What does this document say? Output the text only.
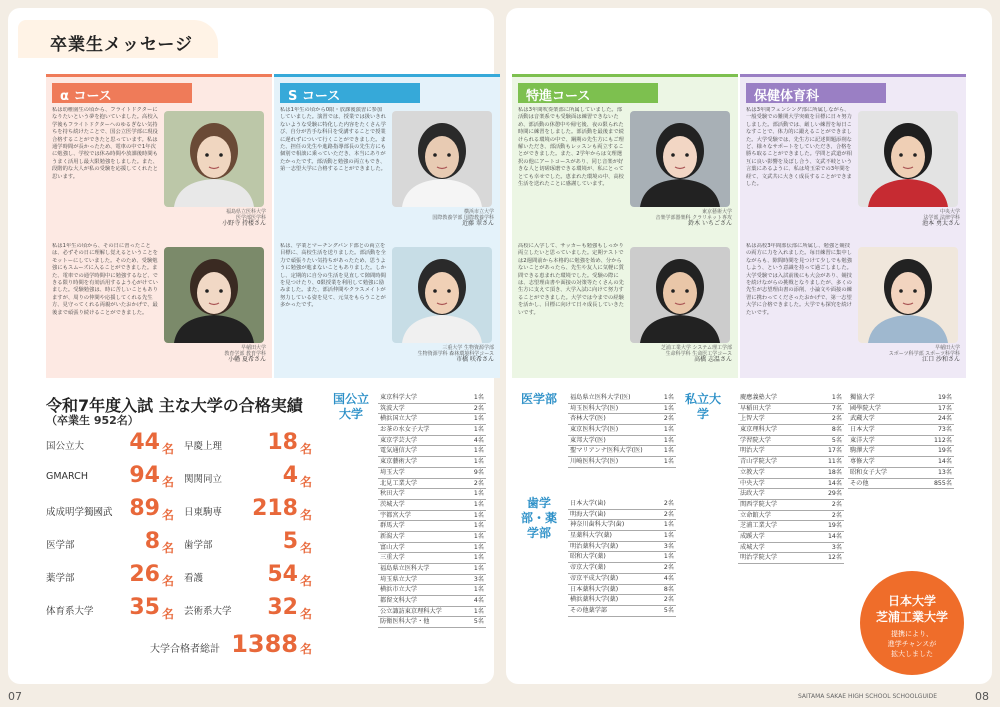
卒業生メッセージ
α コース
私は幼稚園生の頃から、フライトドクターになりたいという夢を抱いていました。高校入学後もフライトドクターへのゆるぎない気持ちを持ち続けたことで、国公立医学部に現役合格することができたと思っています。私は通学時間が長かったため、電車の中で1年次に勉強し、学校では休み時間や放課後時間もうまく活用し最大限勉強をしました。また、段階的な大人が私の受験を応援してくれたと思います。
福島県立医科大学
医学部医学科
小野寺 持楼さん
私は1年生の頃から、その日に習ったことは、必ずその日に理解し覚えるということをモットーにしていました。そのため、受験勉強にもスムーズに入ることができました。また、電車での通学時間中に勉強するなど、できる限り時間を有効活用するよう心がけていました。受験勉強は、時に苦しいこともありますが、周りの仲間や応援してくれる先生方、見守ってくれる両親がいたおかげで、最後まで頑張り続けることができました。
早稲田大学
教育学部 教育学科
小幡 夏希さん
S コース
私は1年生の頃から0限・放課後演習に参加していました。演習では、授業では扱いきれないような受験に特化した内容をたくさん学び、自分が苦手な科目を受講することで授業に遅れずについて行くことができました。また、担任の先生や進路指導部長の先生方にも個別で相談に乗っていただき、本当にありがたかったです。部活動と勉強の両立もでき、第一志望大学に合格することができました。
横浜市立大学
国際教養学部 国際教養学科
近藤 翠さん
私は、学業とマーチングバンド部との両立を目標に、高校生活を送りました。部活動を全力で頑張りたい気持ちがあったため、思うように勉強が進まないこともありました。しかし、定期的に自分の生活を見直して隙間時間を見つけたり、0限授業を利用して勉強に励みました。また、部活仲間やクラスメイトが努力している姿を見て、元気をもらうことが多かったです。
三重大学 生物資源学部
生物資源学科 森林環境科学コース
市橋 咲希さん
特進コース
私は3年間吹奏楽部に所属していました。部活動は音楽系でも受験面は練習できないため、部活動の休憩中や帰宅後、夜の限られた時間に練習をしました。部活動を最後まで続けられる環境の中で、鋼期の先生方にもご理解いただき、部活動もレッスンも両立することができました。また、2学年からは文理選択の他にアートコースがあり、同じ音楽が好きな人と切磋琢磨できる環境が、私にとってとても幸せでした。恵まれた環境の中、高校生活を送れたことに感謝しています。
東京藝術大学
音楽学部器楽科 クラリネット専攻
鈴木 いちごさん
高校に入学して、サッカーも勉強もしっかり両立したいと思っていました。定期テストでは2週間前から本格的に勉強を始め、分からないことがあったら、先生や友人に気軽に質問できる恵まれた環境でした。受験の際には、志望理由書や面接の対策等たくさんの先生方に支えて頂き、大学入試に向けて努力することができました。大学では今までの経験を活かし、目標に向けて日々成長していきたいです。
芝浦工業大学 システム理工学部
生命科学科 生命医工学コース
高橋 志温さん
保健体育科
私は3年間フェンシング部に所属しながら、一般受験での難関大学突破を目標に日々努力しました。部活動では、厳しい練習を毎日こなすことで、体力的に鍛えることができました。大学受験では、先生方に記述問題添削など、様々なサポートをしていただき、合格を勝ち取ることができました。学問と武道が相互に良い影響を及ぼし合う、文武不岐という言葉にあるように、私は埼玉栄での3年間を経て、文武共に大きく成長することができました。
中央大学
法学部 法律学科
池本 勇太さん
私は高校3年間部伝部に所属し、勉強と競技の両方に力を入れました。毎日練習に集中しながらも、隙間時間を見つけて少しでも勉強しよう、という意識を持って過ごしました。大学受験では入試前後にも大会があり、競技を続けながらの挑戦となりましたが、多くの先生が志望理由書の添削、小論文や面接の練習に携わってくださったおかげで、第一志望大学に合格できました。大学でも探究を続けたいです。
早稲田大学
スポーツ科学部 スポーツ科学科
江口 沙和さん
令和7年度入試 主な大学の合格実績
（卒業生 952名）
国公立大 44 名 早慶上理 18 名
GMARCH 94 名 関関同立	4 名
成成明学獨國武 89 名 日東駒専 218 名
医学部	8 名 歯学部	5 名
薬学部 26 名 看護	54 名
体育系大学 35 名 芸術系大学 32 名
大学合格者総計 1388 名
国公立大学
東京科学大学	1名
筑波大学	2名
横浜国立大学	1名
お茶の水女子大学	1名
東京学芸大学	4名
電気通信大学	1名
東京藝術大学	1名
埼玉大学	9名
北見工業大学	2名
秋田大学	1名
茨城大学	1名
宇都宮大学	1名
群馬大学	1名
新潟大学	1名
富山大学	1名
三重大学	1名
福島県立医科大学	1名
埼玉県立大学	3名
横浜市立大学	1名
都留文科大学	4名
公立諏訪東京理科大学	1名
防衛医科大学・他	5名
医学部	福島県立医科大学(医)	1名
埼玉医科大学(医)	1名
杏林大学(医)	2名
東京医科大学(医)	1名
東邦大学(医)	1名
聖マリアンナ医科大学(医)	1名
川崎医科大学(医)	1名
歯学部・薬学部
日本大学(歯)	2名
明海大学(歯)	2名
神奈川歯科大学(歯)	1名
星薬科大学(薬)	1名
明治薬科大学(薬)	3名
昭和大学(薬)	1名
帝京大学(薬)	2名
帝京平成大学(薬)	4名
日本薬科大学(薬)	8名
横浜薬科大学(薬)	2名
その他薬学部	5名
私立大学
慶應義塾大学	1名
早稲田大学	7名
上智大学	2名
東京理科大学	8名
学習院大学	5名
明治大学	17名
青山学院大学	11名
立教大学	18名
中央大学	14名
法政大学	29名
関西学院大学	2名
立命館大学	2名
芝浦工業大学	19名
成蹊大学	14名
成城大学	3名
明治学院大学	12名
獨協大学	19名
國學院大学	17名
武蔵大学	24名
日本大学	73名
東洋大学	112名
駒澤大学	19名
専修大学	14名
昭和女子大学	13名
その他	855名
日本大学
芝浦工業大学
提携により、
進学チャンスが
拡大しました
07	08
SAITAMA SAKAE HIGH SCHOOL SCHOOLGUIDE
